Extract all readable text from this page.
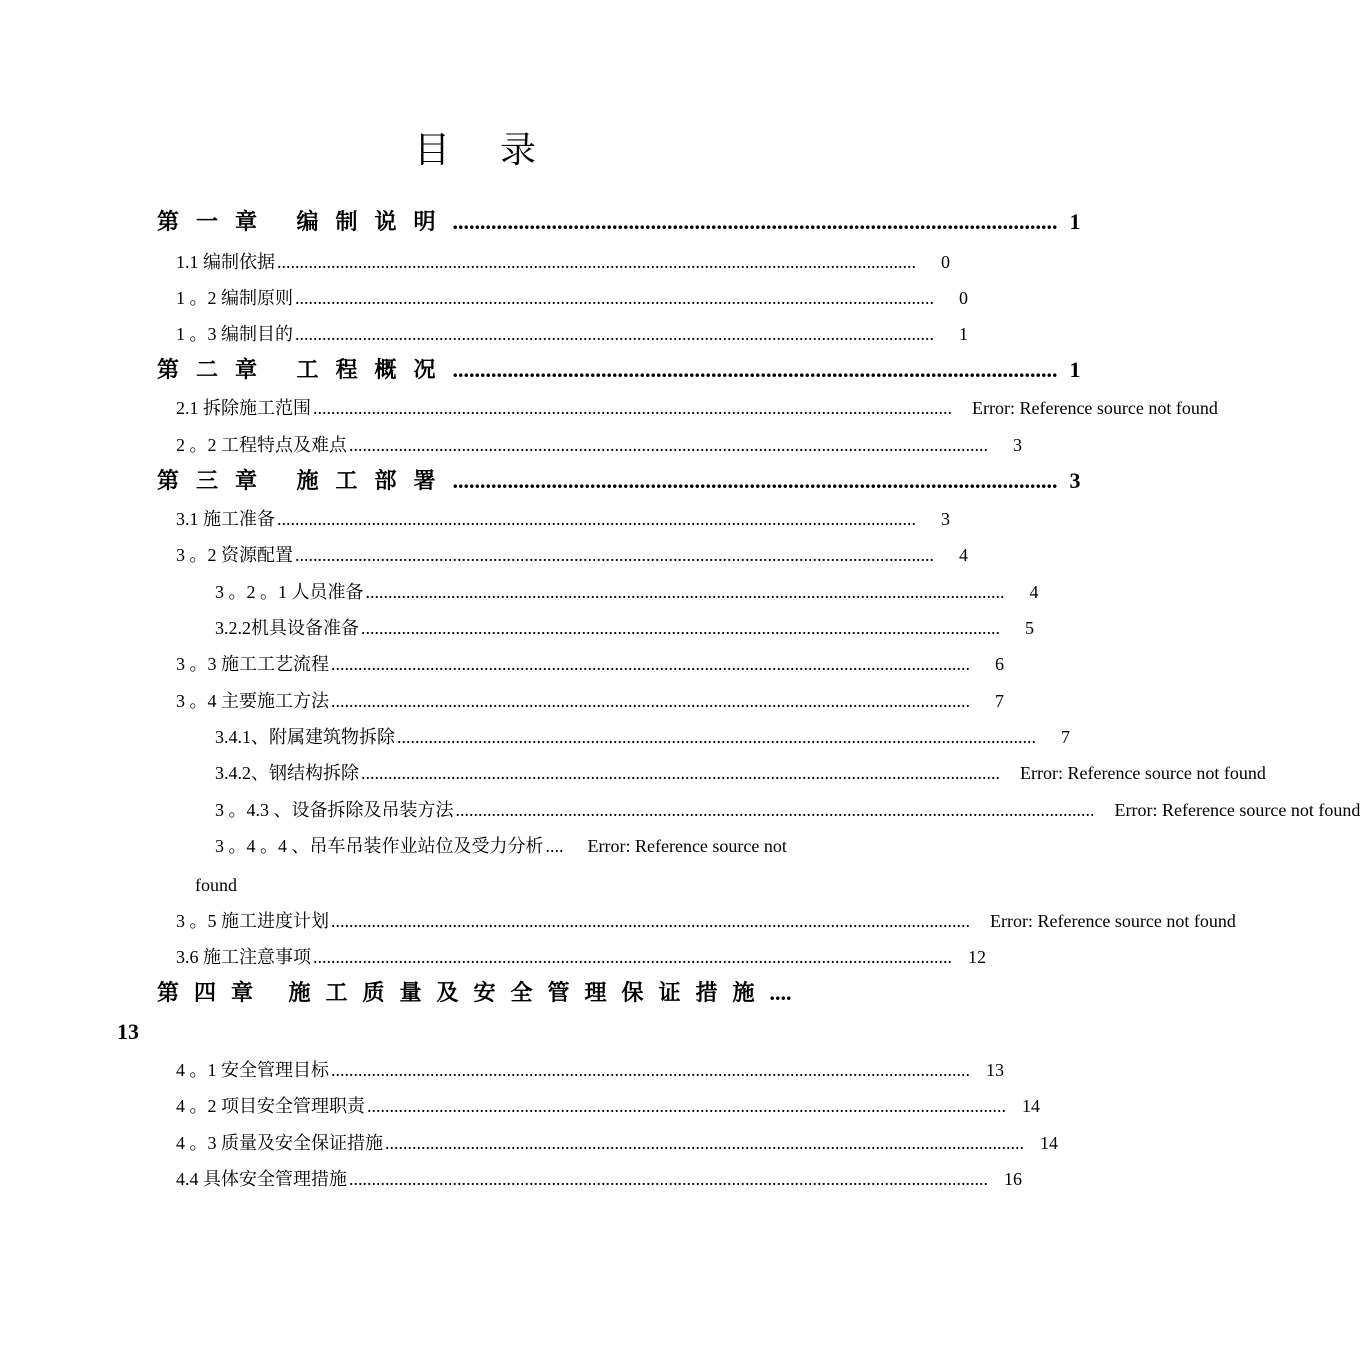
目录
第一章 编制说明 .............................................................................................................. 1
1.1 编制依据 ..............................................................................................................................................	0
1 。2 编制原则 ..............................................................................................................................................	0
1 。3 编制目的 ..............................................................................................................................................	1
第二章 工程概况 .............................................................................................................. 1
2.1 拆除施工范围 .............................................................................................................................................. Error: Reference source not found
2 。2 工程特点及难点 ..............................................................................................................................................	3
第三章 施工部署 .............................................................................................................. 3
3.1 施工准备 ..............................................................................................................................................	3
3 。2 资源配置 ..............................................................................................................................................	4
3 。2 。1 人员准备 ..............................................................................................................................................	4
3.2.2机具设备准备 ..............................................................................................................................................	5
3 。3 施工工艺流程 ..............................................................................................................................................	6
3 。4 主要施工方法 ..............................................................................................................................................	7
3.4.1、附属建筑物拆除 ..............................................................................................................................................	7
3.4.2、钢结构拆除 .............................................................................................................................................. Error: Reference source not found
3 。4.3 、设备拆除及吊装方法 .............................................................................................................................................. Error: Reference source not found
3 。4 。4 、吊车吊装作业站位及受力分析 .... Error: Reference source not
found
3 。5 施工进度计划 .............................................................................................................................................. Error: Reference source not found
3.6 施工注意事项 .............................................................................................................................................. 12
第四章 施工质量及安全管理保证措施 ....
13
4 。1 安全管理目标 .............................................................................................................................................. 13
4 。2 项目安全管理职责 .............................................................................................................................................. 14
4 。3 质量及安全保证措施 .............................................................................................................................................. 14
4.4 具体安全管理措施 .............................................................................................................................................. 16
